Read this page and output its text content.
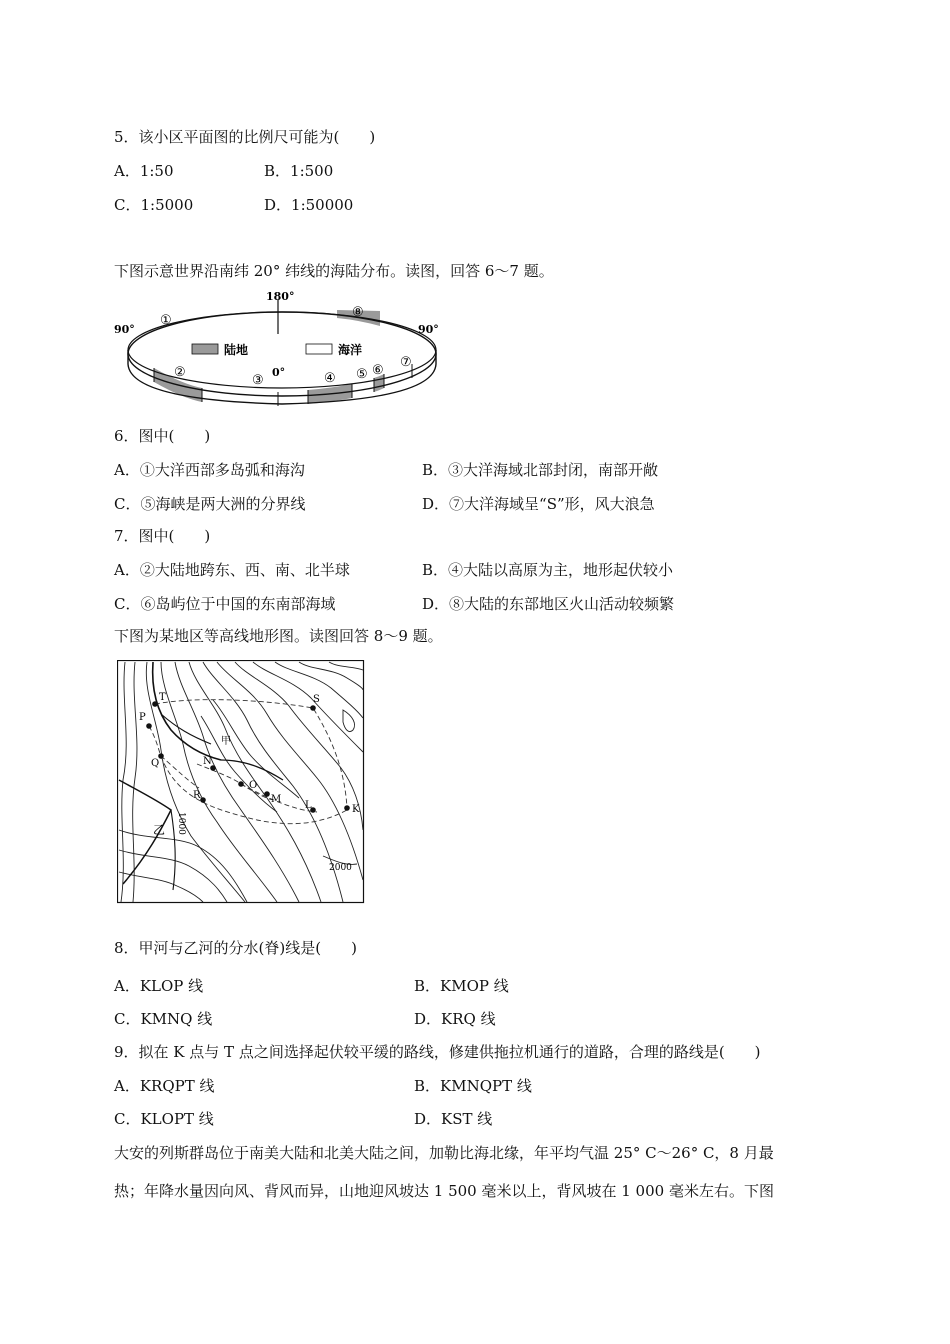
5．该小区平面图的比例尺可能为(　　)
A．1:50	B．1:500
C．1:5000	D．1:50000
下图示意世界沿南纬 20° 纬线的海陆分布。读图，回答 6～7 题。
陆地	海洋
180°
0°
90°	90°
①
②
③	④ ⑤ ⑥
⑦
⑧
6．图中(　　)
A．①大洋西部多岛弧和海沟	B．③大洋海域北部封闭，南部开敞
C．⑤海峡是两大洲的分界线	D．⑦大洋海域呈“S”形，风大浪急
7．图中(　　)
A．②大陆地跨东、西、南、北半球	B．④大陆以高原为主，地形起伏较小
C．⑥岛屿位于中国的东南部海域	D．⑧大陆的东部地区火山活动较频繁
下图为某地区等高线地形图。读图回答 8～9 题。
T
P
Q	N
R
O
M
L	K
S
甲
乙 1000
2000
8．甲河与乙河的分水(脊)线是(　　)
A．KLOP 线	B．KMOP 线
C．KMNQ 线	D．KRQ 线
9．拟在 K 点与 T 点之间选择起伏较平缓的路线，修建供拖拉机通行的道路，合理的路线是(　　)
A．KRQPT 线	B．KMNQPT 线
C．KLOPT 线	D．KST 线
大安的列斯群岛位于南美大陆和北美大陆之间，加勒比海北缘，年平均气温 25° C～26° C，8 月最
热；年降水量因向风、背风而异，山地迎风坡达 1 500 毫米以上，背风坡在 1 000 毫米左右。下图
